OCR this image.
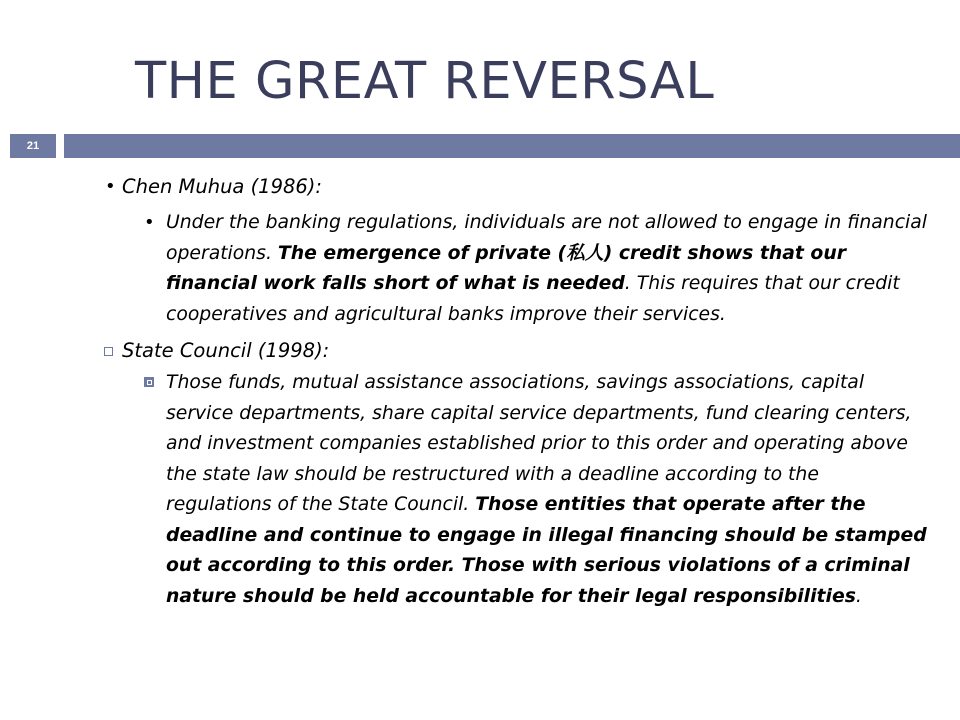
THE GREAT REVERSAL
21
• Chen Muhua (1986):
• Under the banking regulations, individuals are not allowed to engage in financial operations. The emergence of private (私人) credit shows that our financial work falls short of what is needed. This requires that our credit cooperatives and agricultural banks improve their services.
State Council (1998):
Those funds, mutual assistance associations, savings associations, capital service departments, share capital service departments, fund clearing centers, and investment companies established prior to this order and operating above the state law should be restructured with a deadline according to the regulations of the State Council. Those entities that operate after the deadline and continue to engage in illegal financing should be stamped out according to this order. Those with serious violations of a criminal nature should be held accountable for their legal responsibilities.
